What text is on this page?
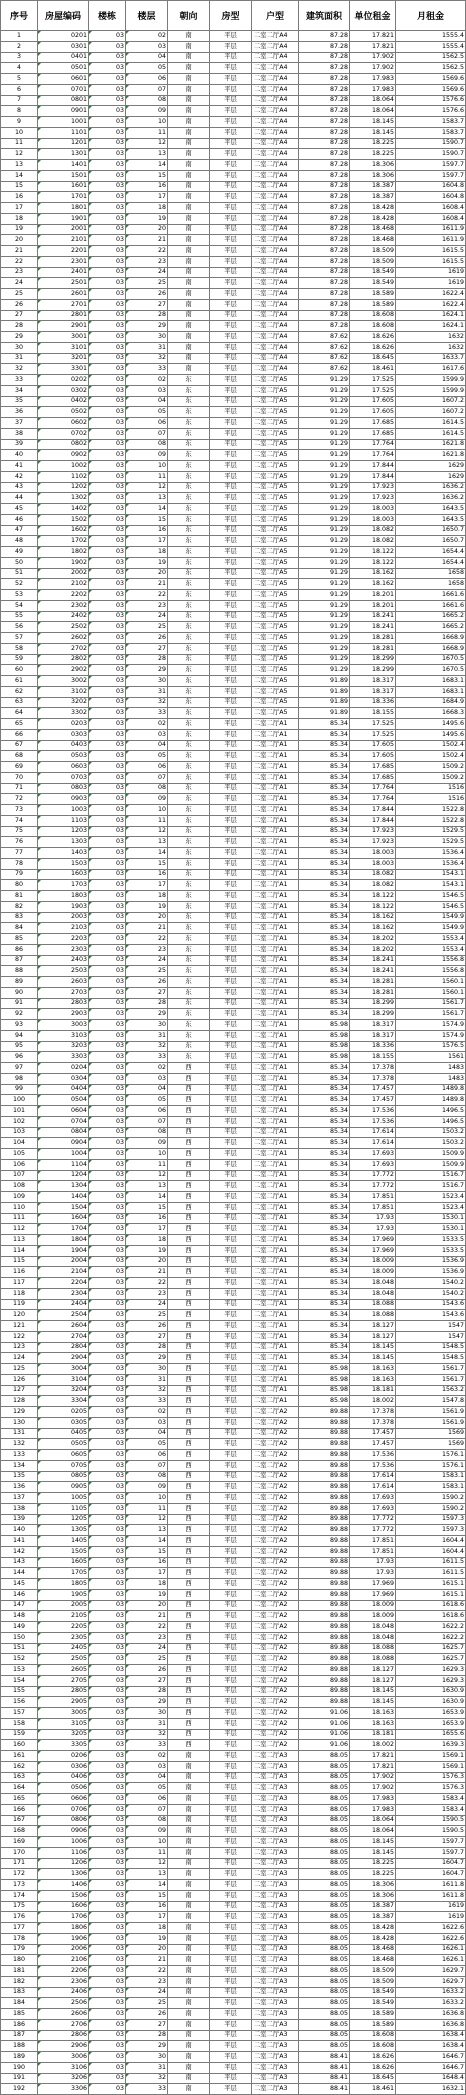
序号	房屋编码	楼栋	楼层	朝向	房型	户型	建筑面积	单位租金	月租金
1	0201	03	02	南	平层	二室二厅A4	87.28	17.821	1555.4
2	0301	03	03	南	平层	二室二厅A4	87.28	17.821	1555.4
3	0401	03	04	南	平层	二室二厅A4	87.28	17.902	1562.5
4	0501	03	05	南	平层	二室二厅A4	87.28	17.902	1562.5
5	0601	03	06	南	平层	二室二厅A4	87.28	17.983	1569.6
6	0701	03	07	南	平层	二室二厅A4	87.28	17.983	1569.6
7	0801	03	08	南	平层	二室二厅A4	87.28	18.064	1576.6
8	0901	03	09	南	平层	二室二厅A4	87.28	18.064	1576.6
9	1001	03	10	南	平层	二室二厅A4	87.28	18.145	1583.7
10	1101	03	11	南	平层	二室二厅A4	87.28	18.145	1583.7
11	1201	03	12	南	平层	二室二厅A4	87.28	18.225	1590.7
12	1301	03	13	南	平层	二室二厅A4	87.28	18.225	1590.7
13	1401	03	14	南	平层	二室二厅A4	87.28	18.306	1597.7
14	1501	03	15	南	平层	二室二厅A4	87.28	18.306	1597.7
15	1601	03	16	南	平层	二室二厅A4	87.28	18.387	1604.8
16	1701	03	17	南	平层	二室二厅A4	87.28	18.387	1604.8
17	1801	03	18	南	平层	二室二厅A4	87.28	18.428	1608.4
18	1901	03	19	南	平层	二室二厅A4	87.28	18.428	1608.4
19	2001	03	20	南	平层	二室二厅A4	87.28	18.468	1611.9
20	2101	03	21	南	平层	二室二厅A4	87.28	18.468	1611.9
21	2201	03	22	南	平层	二室二厅A4	87.28	18.509	1615.5
22	2301	03	23	南	平层	二室二厅A4	87.28	18.509	1615.5
23	2401	03	24	南	平层	二室二厅A4	87.28	18.549	1619
24	2501	03	25	南	平层	二室二厅A4	87.28	18.549	1619
25	2601	03	26	南	平层	二室二厅A4	87.28	18.589	1622.4
26	2701	03	27	南	平层	二室二厅A4	87.28	18.589	1622.4
27	2801	03	28	南	平层	二室二厅A4	87.28	18.608	1624.1
28	2901	03	29	南	平层	二室二厅A4	87.28	18.608	1624.1
29	3001	03	30	南	平层	二室二厅A4	87.62	18.626	1632
30	3101	03	31	南	平层	二室二厅A4	87.62	18.626	1632
31	3201	03	32	南	平层	二室二厅A4	87.62	18.645	1633.7
32	3301	03	33	南	平层	二室二厅A4	87.62	18.461	1617.6
33	0202	03	02	东	平层	二室二厅A5	91.29	17.525	1599.9
34	0302	03	03	东	平层	二室二厅A5	91.29	17.525	1599.9
35	0402	03	04	东	平层	二室二厅A5	91.29	17.605	1607.2
36	0502	03	05	东	平层	二室二厅A5	91.29	17.605	1607.2
37	0602	03	06	东	平层	二室二厅A5	91.29	17.685	1614.5
38	0702	03	07	东	平层	二室二厅A5	91.29	17.685	1614.5
39	0802	03	08	东	平层	二室二厅A5	91.29	17.764	1621.8
40	0902	03	09	东	平层	二室二厅A5	91.29	17.764	1621.8
41	1002	03	10	东	平层	二室二厅A5	91.29	17.844	1629
42	1102	03	11	东	平层	二室二厅A5	91.29	17.844	1629
43	1202	03	12	东	平层	二室二厅A5	91.29	17.923	1636.2
44	1302	03	13	东	平层	二室二厅A5	91.29	17.923	1636.2
45	1402	03	14	东	平层	二室二厅A5	91.29	18.003	1643.5
46	1502	03	15	东	平层	二室二厅A5	91.29	18.003	1643.5
47	1602	03	16	东	平层	二室二厅A5	91.29	18.082	1650.7
48	1702	03	17	东	平层	二室二厅A5	91.29	18.082	1650.7
49	1802	03	18	东	平层	二室二厅A5	91.29	18.122	1654.4
50	1902	03	19	东	平层	二室二厅A5	91.29	18.122	1654.4
51	2002	03	20	东	平层	二室二厅A5	91.29	18.162	1658
52	2102	03	21	东	平层	二室二厅A5	91.29	18.162	1658
53	2202	03	22	东	平层	二室二厅A5	91.29	18.201	1661.6
54	2302	03	23	东	平层	二室二厅A5	91.29	18.201	1661.6
55	2402	03	24	东	平层	二室二厅A5	91.29	18.241	1665.2
56	2502	03	25	东	平层	二室二厅A5	91.29	18.241	1665.2
57	2602	03	26	东	平层	二室二厅A5	91.29	18.281	1668.9
58	2702	03	27	东	平层	二室二厅A5	91.29	18.281	1668.9
59	2802	03	28	东	平层	二室二厅A5	91.29	18.299	1670.5
60	2902	03	29	东	平层	二室二厅A5	91.29	18.299	1670.5
61	3002	03	30	东	平层	二室二厅A5	91.89	18.317	1683.1
62	3102	03	31	东	平层	二室二厅A5	91.89	18.317	1683.1
63	3202	03	32	东	平层	二室二厅A5	91.89	18.336	1684.9
64	3302	03	33	东	平层	二室二厅A5	91.89	18.155	1668.3
65	0203	03	02	东	平层	二室二厅A1	85.34	17.525	1495.6
66	0303	03	03	东	平层	二室二厅A1	85.34	17.525	1495.6
67	0403	03	04	东	平层	二室二厅A1	85.34	17.605	1502.4
68	0503	03	05	东	平层	二室二厅A1	85.34	17.605	1502.4
69	0603	03	06	东	平层	二室二厅A1	85.34	17.685	1509.2
70	0703	03	07	东	平层	二室二厅A1	85.34	17.685	1509.2
71	0803	03	08	东	平层	二室二厅A1	85.34	17.764	1516
72	0903	03	09	东	平层	二室二厅A1	85.34	17.764	1516
73	1003	03	10	东	平层	二室二厅A1	85.34	17.844	1522.8
74	1103	03	11	东	平层	二室二厅A1	85.34	17.844	1522.8
75	1203	03	12	东	平层	二室二厅A1	85.34	17.923	1529.5
76	1303	03	13	东	平层	二室二厅A1	85.34	17.923	1529.5
77	1403	03	14	东	平层	二室二厅A1	85.34	18.003	1536.4
78	1503	03	15	东	平层	二室二厅A1	85.34	18.003	1536.4
79	1603	03	16	东	平层	二室二厅A1	85.34	18.082	1543.1
80	1703	03	17	东	平层	二室二厅A1	85.34	18.082	1543.1
81	1803	03	18	东	平层	二室二厅A1	85.34	18.122	1546.5
82	1903	03	19	东	平层	二室二厅A1	85.34	18.122	1546.5
83	2003	03	20	东	平层	二室二厅A1	85.34	18.162	1549.9
84	2103	03	21	东	平层	二室二厅A1	85.34	18.162	1549.9
85	2203	03	22	东	平层	二室二厅A1	85.34	18.202	1553.4
86	2303	03	23	东	平层	二室二厅A1	85.34	18.202	1553.4
87	2403	03	24	东	平层	二室二厅A1	85.34	18.241	1556.8
88	2503	03	25	东	平层	二室二厅A1	85.34	18.241	1556.8
89	2603	03	26	东	平层	二室二厅A1	85.34	18.281	1560.1
90	2703	03	27	东	平层	二室二厅A1	85.34	18.281	1560.1
91	2803	03	28	东	平层	二室二厅A1	85.34	18.299	1561.7
92	2903	03	29	东	平层	二室二厅A1	85.34	18.299	1561.7
93	3003	03	30	东	平层	二室二厅A1	85.98	18.317	1574.9
94	3103	03	31	东	平层	二室二厅A1	85.98	18.317	1574.9
95	3203	03	32	东	平层	二室二厅A1	85.98	18.336	1576.5
96	3303	03	33	东	平层	二室二厅A1	85.98	18.155	1561
97	0204	03	02	西	平层	二室二厅A1	85.34	17.378	1483
98	0304	03	03	西	平层	二室二厅A1	85.34	17.378	1483
99	0404	03	04	西	平层	二室二厅A1	85.34	17.457	1489.8
100	0504	03	05	西	平层	二室二厅A1	85.34	17.457	1489.8
101	0604	03	06	西	平层	二室二厅A1	85.34	17.536	1496.5
102	0704	03	07	西	平层	二室二厅A1	85.34	17.536	1496.5
103	0804	03	08	西	平层	二室二厅A1	85.34	17.614	1503.2
104	0904	03	09	西	平层	二室二厅A1	85.34	17.614	1503.2
105	1004	03	10	西	平层	二室二厅A1	85.34	17.693	1509.9
106	1104	03	11	西	平层	二室二厅A1	85.34	17.693	1509.9
107	1204	03	12	西	平层	二室二厅A1	85.34	17.772	1516.7
108	1304	03	13	西	平层	二室二厅A1	85.34	17.772	1516.7
109	1404	03	14	西	平层	二室二厅A1	85.34	17.851	1523.4
110	1504	03	15	西	平层	二室二厅A1	85.34	17.851	1523.4
111	1604	03	16	西	平层	二室二厅A1	85.34	17.93	1530.1
112	1704	03	17	西	平层	二室二厅A1	85.34	17.93	1530.1
113	1804	03	18	西	平层	二室二厅A1	85.34	17.969	1533.5
114	1904	03	19	西	平层	二室二厅A1	85.34	17.969	1533.5
115	2004	03	20	西	平层	二室二厅A1	85.34	18.009	1536.9
116	2104	03	21	西	平层	二室二厅A1	85.34	18.009	1536.9
117	2204	03	22	西	平层	二室二厅A1	85.34	18.048	1540.2
118	2304	03	23	西	平层	二室二厅A1	85.34	18.048	1540.2
119	2404	03	24	西	平层	二室二厅A1	85.34	18.088	1543.6
120	2504	03	25	西	平层	二室二厅A1	85.34	18.088	1543.6
121	2604	03	26	西	平层	二室二厅A1	85.34	18.127	1547
122	2704	03	27	西	平层	二室二厅A1	85.34	18.127	1547
123	2804	03	28	西	平层	二室二厅A1	85.34	18.145	1548.5
124	2904	03	29	西	平层	二室二厅A1	85.34	18.145	1548.5
125	3004	03	30	西	平层	二室二厅A1	85.98	18.163	1561.7
126	3104	03	31	西	平层	二室二厅A1	85.98	18.163	1561.7
127	3204	03	32	西	平层	二室二厅A1	85.98	18.181	1563.2
128	3304	03	33	西	平层	二室二厅A1	85.98	18.002	1547.8
129	0205	03	02	西	平层	二室二厅A2	89.88	17.378	1561.9
130	0305	03	03	西	平层	二室二厅A2	89.88	17.378	1561.9
131	0405	03	04	西	平层	二室二厅A2	89.88	17.457	1569
132	0505	03	05	西	平层	二室二厅A2	89.88	17.457	1569
133	0605	03	06	西	平层	二室二厅A2	89.88	17.536	1576.1
134	0705	03	07	西	平层	二室二厅A2	89.88	17.536	1576.1
135	0805	03	08	西	平层	二室二厅A2	89.88	17.614	1583.1
136	0905	03	09	西	平层	二室二厅A2	89.88	17.614	1583.1
137	1005	03	10	西	平层	二室二厅A2	89.88	17.693	1590.2
138	1105	03	11	西	平层	二室二厅A2	89.88	17.693	1590.2
139	1205	03	12	西	平层	二室二厅A2	89.88	17.772	1597.3
140	1305	03	13	西	平层	二室二厅A2	89.88	17.772	1597.3
141	1405	03	14	西	平层	二室二厅A2	89.88	17.851	1604.4
142	1505	03	15	西	平层	二室二厅A2	89.88	17.851	1604.4
143	1605	03	16	西	平层	二室二厅A2	89.88	17.93	1611.5
144	1705	03	17	西	平层	二室二厅A2	89.88	17.93	1611.5
145	1805	03	18	西	平层	二室二厅A2	89.88	17.969	1615.1
146	1905	03	19	西	平层	二室二厅A2	89.88	17.969	1615.1
147	2005	03	20	西	平层	二室二厅A2	89.88	18.009	1618.6
148	2105	03	21	西	平层	二室二厅A2	89.88	18.009	1618.6
149	2205	03	22	西	平层	二室二厅A2	89.88	18.048	1622.2
150	2305	03	23	西	平层	二室二厅A2	89.88	18.048	1622.2
151	2405	03	24	西	平层	二室二厅A2	89.88	18.088	1625.7
152	2505	03	25	西	平层	二室二厅A2	89.88	18.088	1625.7
153	2605	03	26	西	平层	二室二厅A2	89.88	18.127	1629.3
154	2705	03	27	西	平层	二室二厅A2	89.88	18.127	1629.3
155	2805	03	28	西	平层	二室二厅A2	89.88	18.145	1630.9
156	2905	03	29	西	平层	二室二厅A2	89.88	18.145	1630.9
157	3005	03	30	西	平层	二室二厅A2	91.06	18.163	1653.9
158	3105	03	31	西	平层	二室二厅A2	91.06	18.163	1653.9
159	3205	03	32	西	平层	二室二厅A2	91.06	18.181	1655.6
160	3305	03	33	西	平层	二室二厅A2	91.06	18.002	1639.3
161	0206	03	02	南	平层	二室二厅A3	88.05	17.821	1569.1
162	0306	03	03	南	平层	二室二厅A3	88.05	17.821	1569.1
163	0406	03	04	南	平层	二室二厅A3	88.05	17.902	1576.3
164	0506	03	05	南	平层	二室二厅A3	88.05	17.902	1576.3
165	0606	03	06	南	平层	二室二厅A3	88.05	17.983	1583.4
166	0706	03	07	南	平层	二室二厅A3	88.05	17.983	1583.4
167	0806	03	08	南	平层	二室二厅A3	88.05	18.064	1590.5
168	0906	03	09	南	平层	二室二厅A3	88.05	18.064	1590.5
169	1006	03	10	南	平层	二室二厅A3	88.05	18.145	1597.7
170	1106	03	11	南	平层	二室二厅A3	88.05	18.145	1597.7
171	1206	03	12	南	平层	二室二厅A3	88.05	18.225	1604.7
172	1306	03	13	南	平层	二室二厅A3	88.05	18.225	1604.7
173	1406	03	14	南	平层	二室二厅A3	88.05	18.306	1611.8
174	1506	03	15	南	平层	二室二厅A3	88.05	18.306	1611.8
175	1606	03	16	南	平层	二室二厅A3	88.05	18.387	1619
176	1706	03	17	南	平层	二室二厅A3	88.05	18.387	1619
177	1806	03	18	南	平层	二室二厅A3	88.05	18.428	1622.6
178	1906	03	19	南	平层	二室二厅A3	88.05	18.428	1622.6
179	2006	03	20	南	平层	二室二厅A3	88.05	18.468	1626.1
180	2106	03	21	南	平层	二室二厅A3	88.05	18.468	1626.1
181	2206	03	22	南	平层	二室二厅A3	88.05	18.509	1629.7
182	2306	03	23	南	平层	二室二厅A3	88.05	18.509	1629.7
183	2406	03	24	南	平层	二室二厅A3	88.05	18.549	1633.2
184	2506	03	25	南	平层	二室二厅A3	88.05	18.549	1633.2
185	2606	03	26	南	平层	二室二厅A3	88.05	18.589	1636.8
186	2706	03	27	南	平层	二室二厅A3	88.05	18.589	1636.8
187	2806	03	28	南	平层	二室二厅A3	88.05	18.608	1638.4
188	2906	03	29	南	平层	二室二厅A3	88.05	18.608	1638.4
189	3006	03	30	南	平层	二室二厅A3	88.41	18.626	1646.7
190	3106	03	31	南	平层	二室二厅A3	88.41	18.626	1646.7
191	3206	03	32	南	平层	二室二厅A3	88.41	18.645	1648.4
192	3306	03	33	南	平层	二室二厅A3	88.41	18.461	1632.1
